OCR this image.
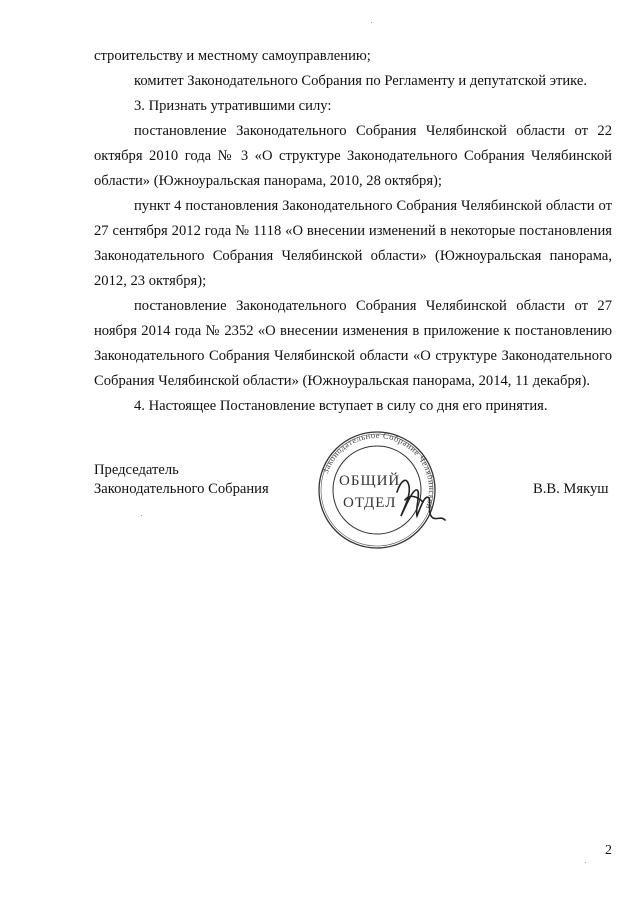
строительству и местному самоуправлению;

комитет Законодательного Собрания по Регламенту и депутатской этике.

3. Признать утратившими силу:

постановление Законодательного Собрания Челябинской области от 22 октября 2010 года № 3 «О структуре Законодательного Собрания Челябинской области» (Южноуральская панорама, 2010, 28 октября);

пункт 4 постановления Законодательного Собрания Челябинской области от 27 сентября 2012 года № 1118 «О внесении изменений в некоторые постановления Законодательного Собрания Челябинской области» (Южноуральская панорама, 2012, 23 октября);

постановление Законодательного Собрания Челябинской области от 27 ноября 2014 года № 2352 «О внесении изменения в приложение к постановлению Законодательного Собрания Челябинской области «О структуре Законодательного Собрания Челябинской области» (Южноуральская панорама, 2014, 11 декабря).

4. Настоящее Постановление вступает в силу со дня его принятия.

Председатель
Законодательного Собрания
Законодательное Собрание Челябинской
ОБЩИЙ
ОТДЕЛ
В.В. Мякуш
2
